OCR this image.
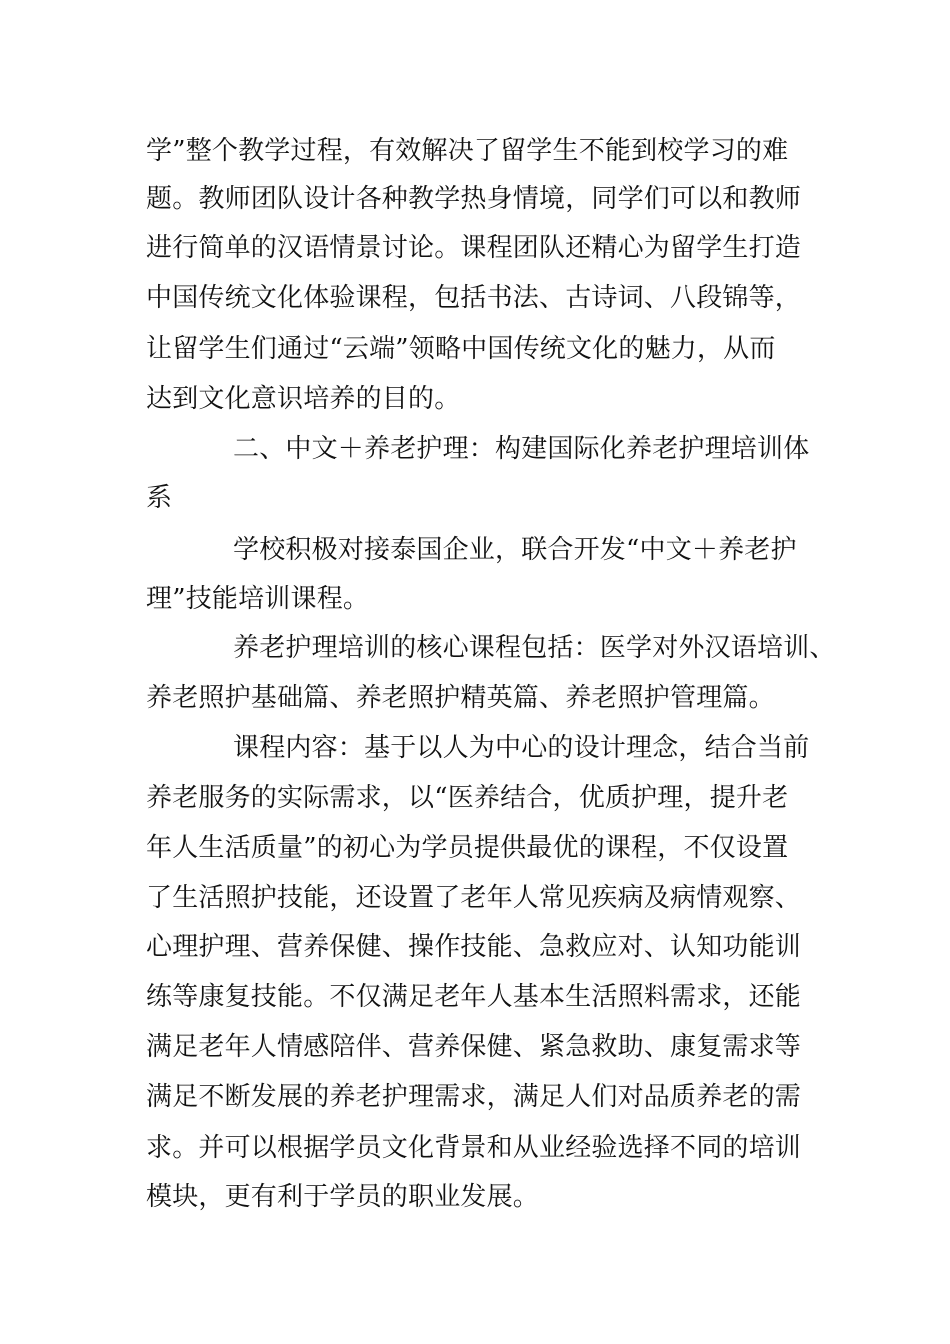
学”整个教学过程，有效解决了留学生不能到校学习的难
题。教师团队设计各种教学热身情境，同学们可以和教师
进行简单的汉语情景讨论。课程团队还精心为留学生打造
中国传统文化体验课程，包括书法、古诗词、八段锦等，
让留学生们通过“云端”领略中国传统文化的魅力，从而
达到文化意识培养的目的。
二、中文＋养老护理：构建国际化养老护理培训体
系
学校积极对接泰国企业，联合开发“中文＋养老护
理”技能培训课程。
养老护理培训的核心课程包括：医学对外汉语培训、
养老照护基础篇、养老照护精英篇、养老照护管理篇。
课程内容：基于以人为中心的设计理念，结合当前
养老服务的实际需求，以“医养结合，优质护理，提升老
年人生活质量”的初心为学员提供最优的课程，不仅设置
了生活照护技能，还设置了老年人常见疾病及病情观察、
心理护理、营养保健、操作技能、急救应对、认知功能训
练等康复技能。不仅满足老年人基本生活照料需求，还能
满足老年人情感陪伴、营养保健、紧急救助、康复需求等
满足不断发展的养老护理需求，满足人们对品质养老的需
求。并可以根据学员文化背景和从业经验选择不同的培训
模块，更有利于学员的职业发展。
